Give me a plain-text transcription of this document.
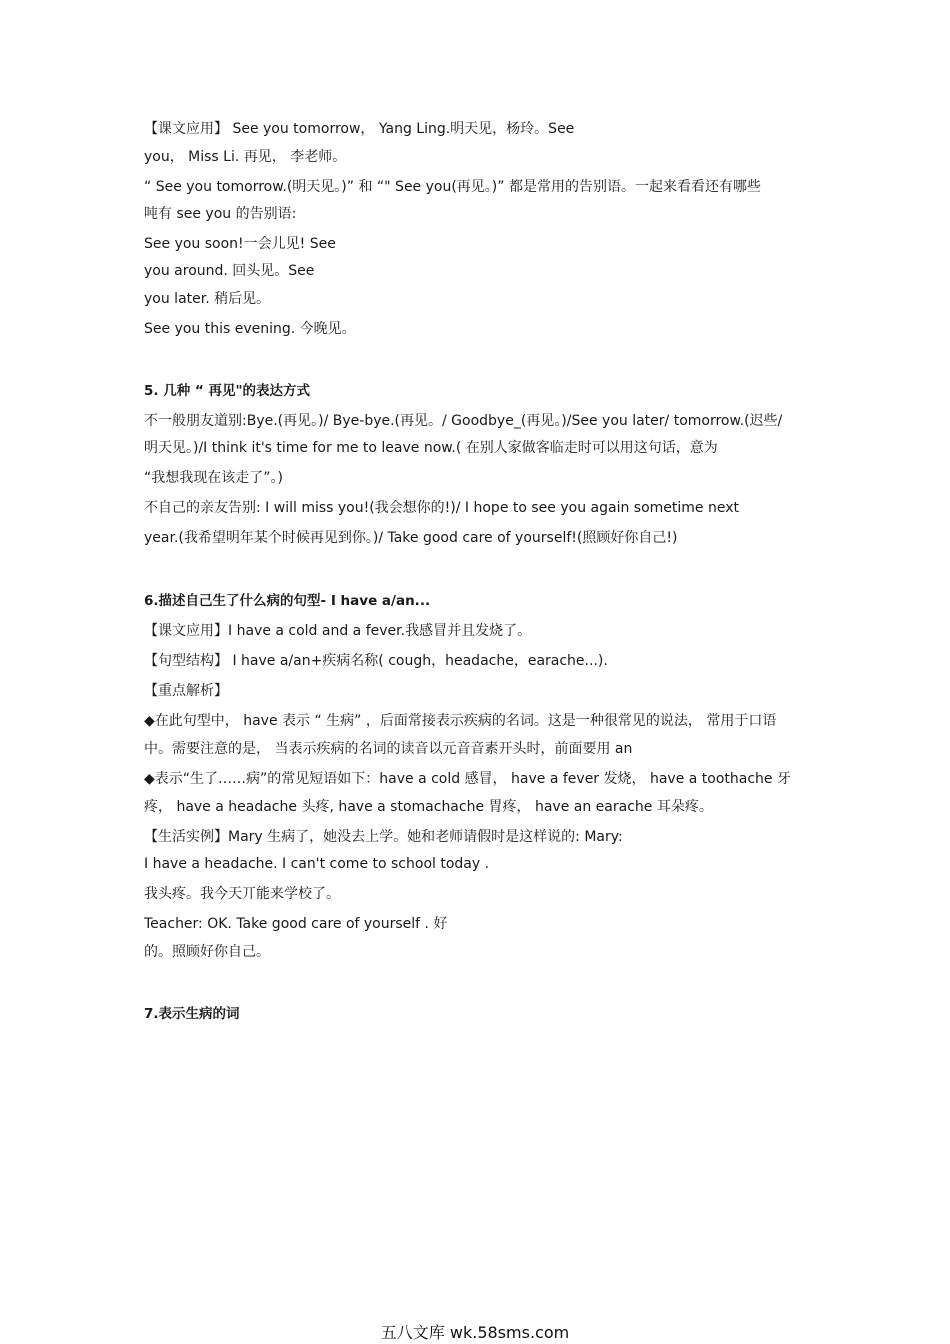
【课文应用】 See you tomorrow， Yang Ling.明天见，杨玲。See
you， Miss Li. 再见， 李老师。
“ See you tomorrow.(明天见。)” 和 “" See you(再见。)” 都是常用的告别语。一起来看看还有哪些
吨有 see you 的告别语:
See you soon!一会儿见! See
you around. 回头见。See
you later. 稍后见。
See you this evening. 今晚见。
5. 几种 “ 再见"的表达方式
不一般朋友道别:Bye.(再见。)/ Bye-bye.(再见。/ Goodbye_(再见。)/See you later/ tomorrow.(迟些/
明天见。)/I think it's time for me to leave now.( 在别人家做客临走时可以用这句话，意为
“我想我现在该走了”。)
不自己的亲友告别: I will miss you!(我会想你的!)/ I hope to see you again sometime next
year.(我希望明年某个时候再见到你。)/ Take good care of yourself!(照顾好你自己!)
6.描述自己生了什么病的句型- I have a/an...
【课文应用】I have a cold and a fever.我感冒并且发烧了。
【句型结构】 I have a/an+疾病名称( cough，headache，earache...).
【重点解析】
◆在此句型中， have 表示 “ 生病” ，后面常接表示疾病的名词。这是一种很常见的说法， 常用于口语
中。需要注意的是， 当表示疾病的名词的读音以元音音素开头时，前面要用 an
◆表示“生了……病”的常见短语如下：have a cold 感冒， have a fever 发烧， have a toothache 牙
疼， have a headache 头疼, have a stomachache 胃疼， have an earache 耳朵疼。
【生活实例】Mary 生病了，她没去上学。她和老师请假时是这样说的: Mary:
I have a headache. I can't come to school today .
我头疼。我今天丌能来学校了。
Teacher: OK. Take good care of yourself . 好
的。照顾好你自己。
7.表示生病的词
五八文库 wk.58sms.com
